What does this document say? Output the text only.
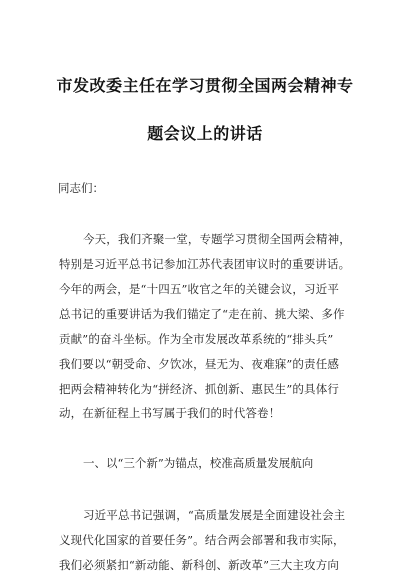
市发改委主任在学习贯彻全国两会精神专
题会议上的讲话
同志们：
今天，我们齐聚一堂，专题学习贯彻全国两会精神，
特别是习近平总书记参加江苏代表团审议时的重要讲话。
今年的两会，是“十四五”收官之年的关键会议，习近平
总书记的重要讲话为我们锚定了“走在前、挑大梁、多作
贡献”的奋斗坐标。作为全市发展改革系统的“排头兵”
我们要以“朝受命、夕饮冰，昼无为、夜难寐”的责任感
把两会精神转化为“拼经济、抓创新、惠民生”的具体行
动，在新征程上书写属于我们的时代答卷！
一、以“三个新”为锚点，校准高质量发展航向
习近平总书记强调，“高质量发展是全面建设社会主
义现代化国家的首要任务”。结合两会部署和我市实际，
我们必须紧扣“新动能、新科创、新改革”三大主攻方向
